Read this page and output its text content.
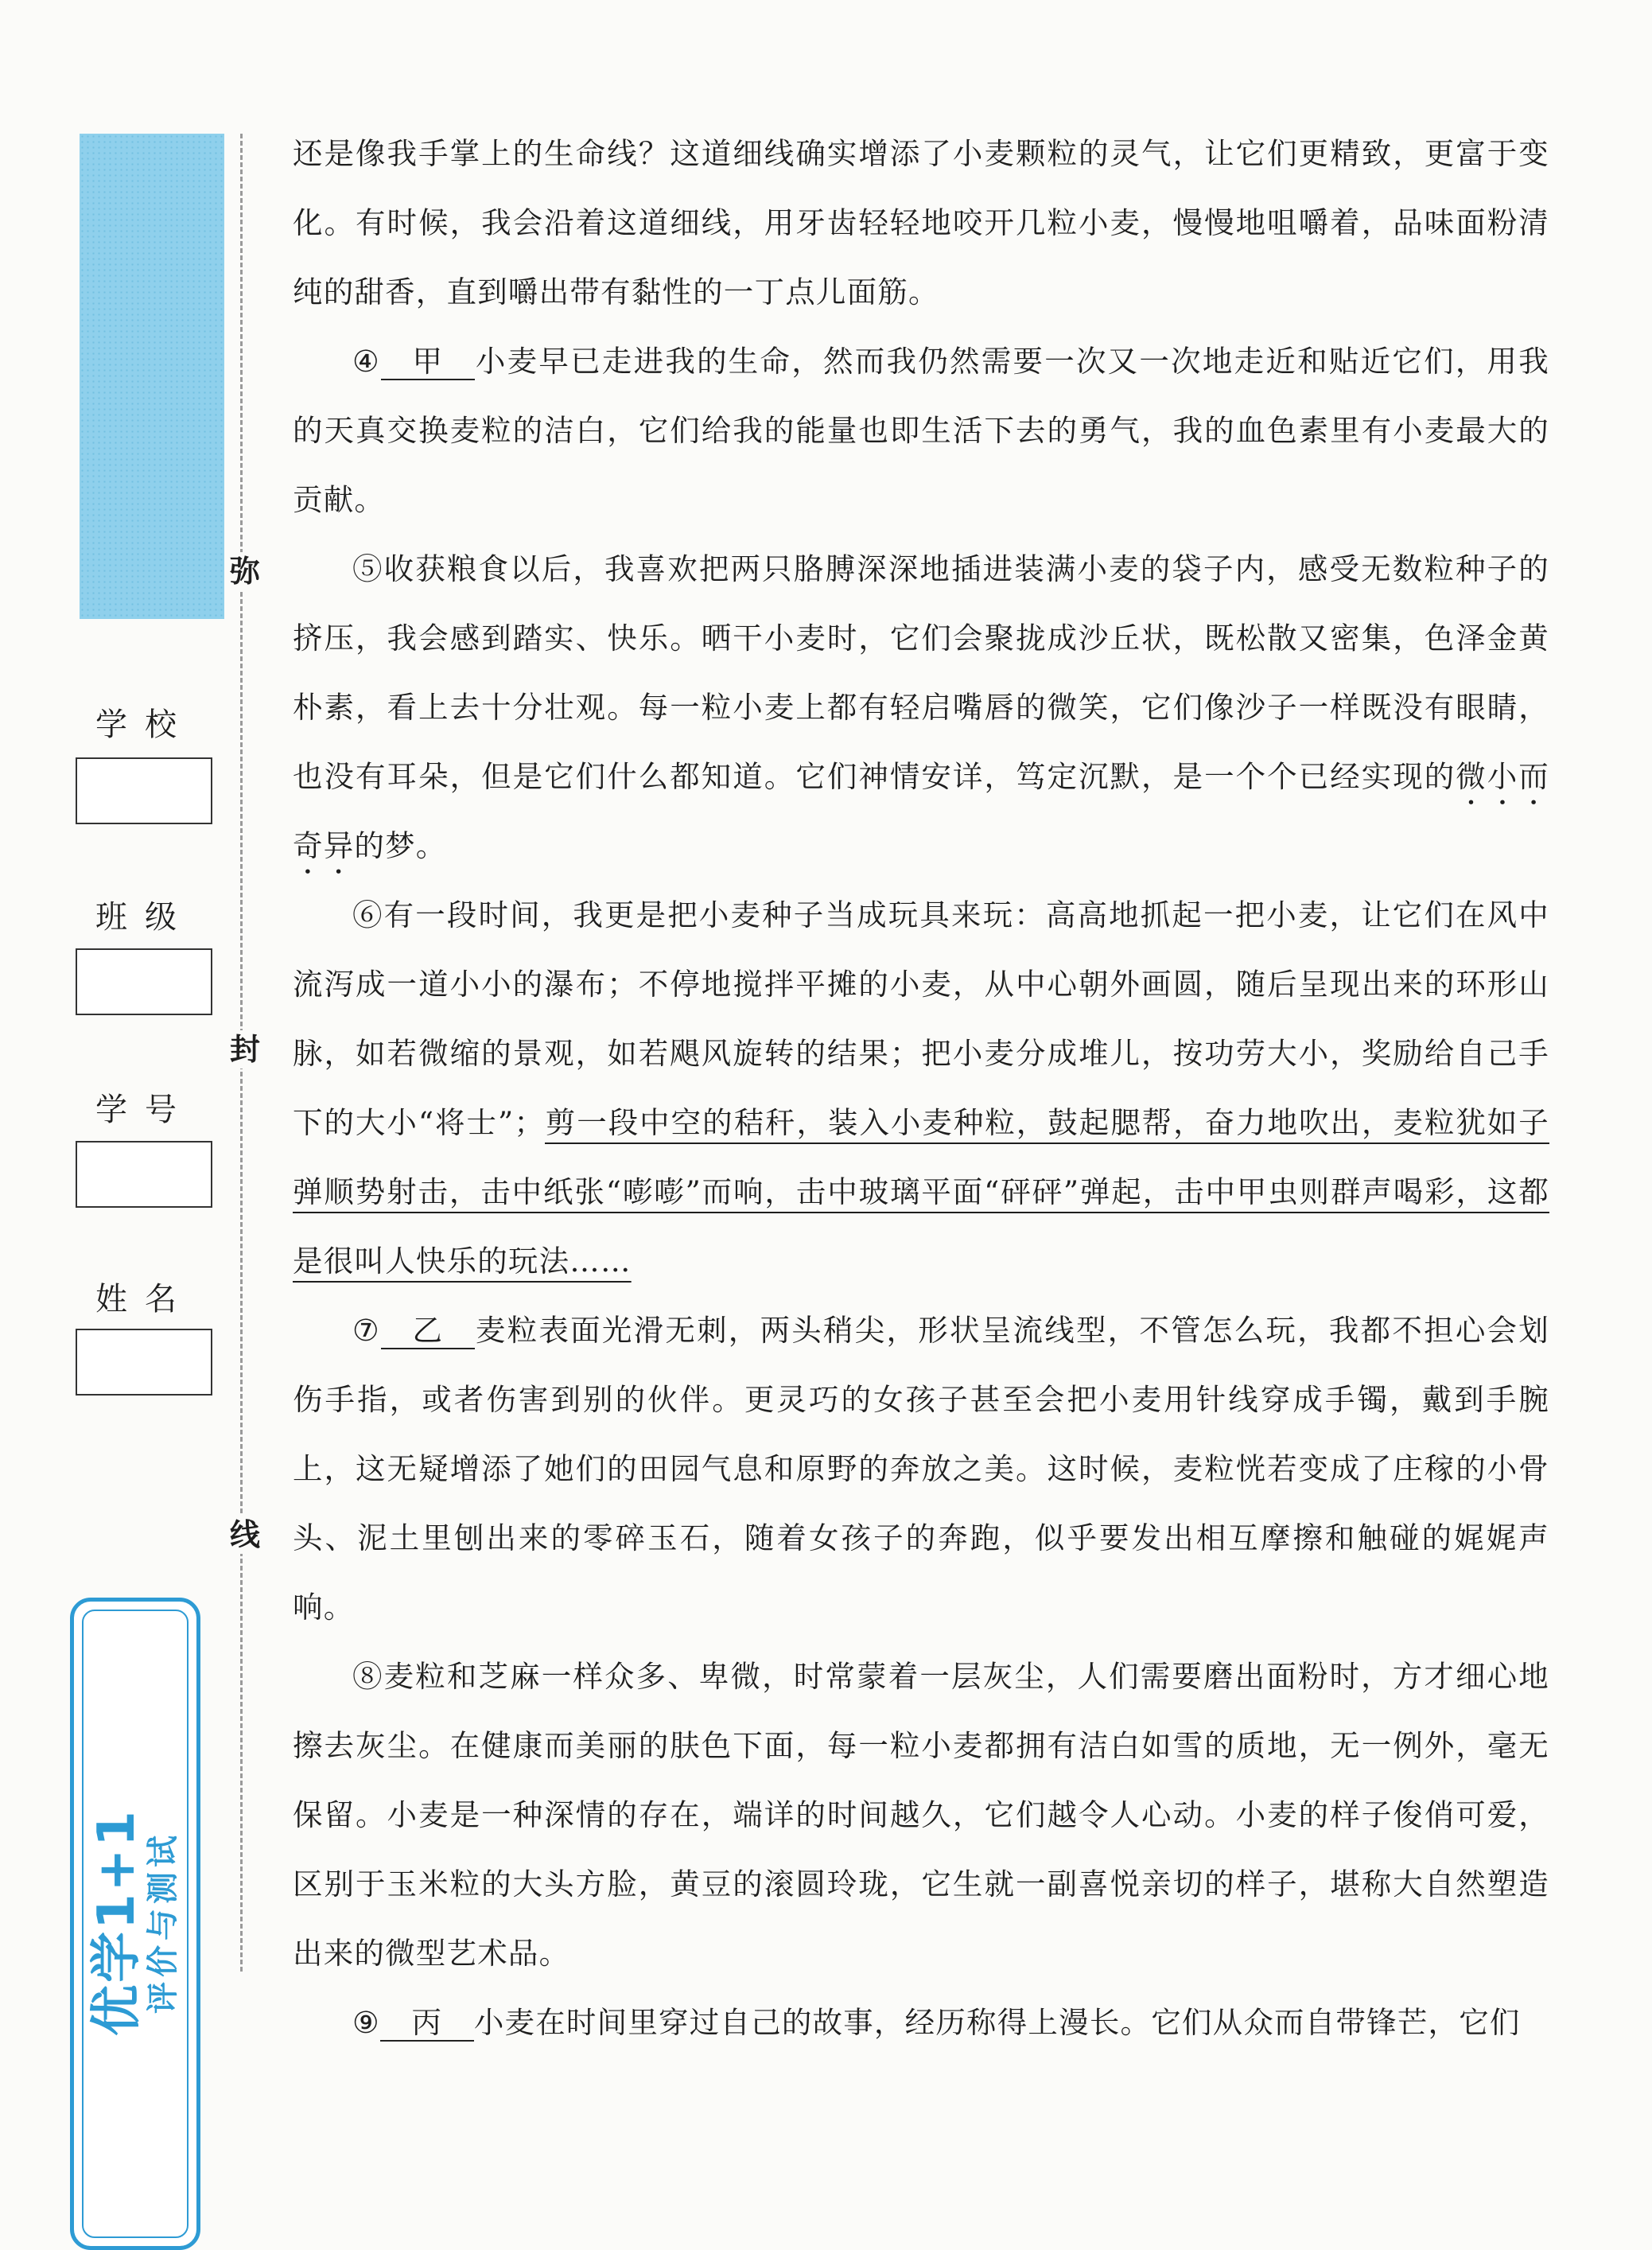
弥
封
线
学校
班级
学号
姓名
优学1+1
评价与测试

还是像我手掌上的生命线？这道细线确实增添了小麦颗粒的灵气，让它们更精致，更富于变化。有时候，我会沿着这道细线，用牙齿轻轻地咬开几粒小麦，慢慢地咀嚼着，品味面粉清纯的甜香，直到嚼出带有黏性的一丁点儿面筋。

④ 甲 小麦早已走进我的生命，然而我仍然需要一次又一次地走近和贴近它们，用我的天真交换麦粒的洁白，它们给我的能量也即生活下去的勇气，我的血色素里有小麦最大的贡献。

⑤收获粮食以后，我喜欢把两只胳膊深深地插进装满小麦的袋子内，感受无数粒种子的挤压，我会感到踏实、快乐。晒干小麦时，它们会聚拢成沙丘状，既松散又密集，色泽金黄朴素，看上去十分壮观。每一粒小麦上都有轻启嘴唇的微笑，它们像沙子一样既没有眼睛，也没有耳朵，但是它们什么都知道。它们神情安详，笃定沉默，是一个个已经实现的微小而奇异的梦。

⑥有一段时间，我更是把小麦种子当成玩具来玩：高高地抓起一把小麦，让它们在风中流泻成一道小小的瀑布；不停地搅拌平摊的小麦，从中心朝外画圆，随后呈现出来的环形山脉，如若微缩的景观，如若飓风旋转的结果；把小麦分成堆儿，按功劳大小，奖励给自己手下的大小“将士”；剪一段中空的秸秆，装入小麦种粒，鼓起腮帮，奋力地吹出，麦粒犹如子弹顺势射击，击中纸张“嘭嘭”而响，击中玻璃平面“砰砰”弹起，击中甲虫则群声喝彩，这都是很叫人快乐的玩法……

⑦ 乙 麦粒表面光滑无刺，两头稍尖，形状呈流线型，不管怎么玩，我都不担心会划伤手指，或者伤害到别的伙伴。更灵巧的女孩子甚至会把小麦用针线穿成手镯，戴到手腕上，这无疑增添了她们的田园气息和原野的奔放之美。这时候，麦粒恍若变成了庄稼的小骨头、泥土里刨出来的零碎玉石，随着女孩子的奔跑，似乎要发出相互摩擦和触碰的娓娓声响。

⑧麦粒和芝麻一样众多、卑微，时常蒙着一层灰尘，人们需要磨出面粉时，方才细心地擦去灰尘。在健康而美丽的肤色下面，每一粒小麦都拥有洁白如雪的质地，无一例外，毫无保留。小麦是一种深情的存在，端详的时间越久，它们越令人心动。小麦的样子俊俏可爱，区别于玉米粒的大头方脸，黄豆的滚圆玲珑，它生就一副喜悦亲切的样子，堪称大自然塑造出来的微型艺术品。

⑨ 丙 小麦在时间里穿过自己的故事，经历称得上漫长。它们从众而自带锋芒，它们
